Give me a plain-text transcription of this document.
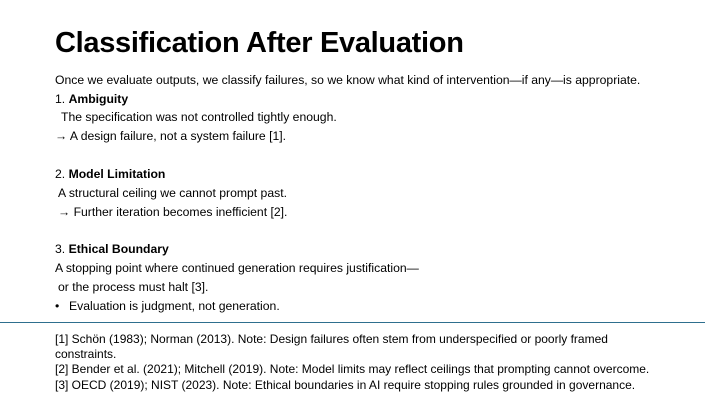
Classification After Evaluation
Once we evaluate outputs, we classify failures, so we know what kind of intervention—if any—is appropriate.
1. Ambiguity
The specification was not controlled tightly enough.
→ A design failure, not a system failure [1].
2. Model Limitation
A structural ceiling we cannot prompt past.
→ Further iteration becomes inefficient [2].
3. Ethical Boundary
A stopping point where continued generation requires justification—
or the process must halt [3].
• Evaluation is judgment, not generation.
[1] Schön (1983); Norman (2013). Note: Design failures often stem from underspecified or poorly framed
constraints.
[2] Bender et al. (2021); Mitchell (2019). Note: Model limits may reflect ceilings that prompting cannot overcome.
[3] OECD (2019); NIST (2023). Note: Ethical boundaries in AI require stopping rules grounded in governance.
